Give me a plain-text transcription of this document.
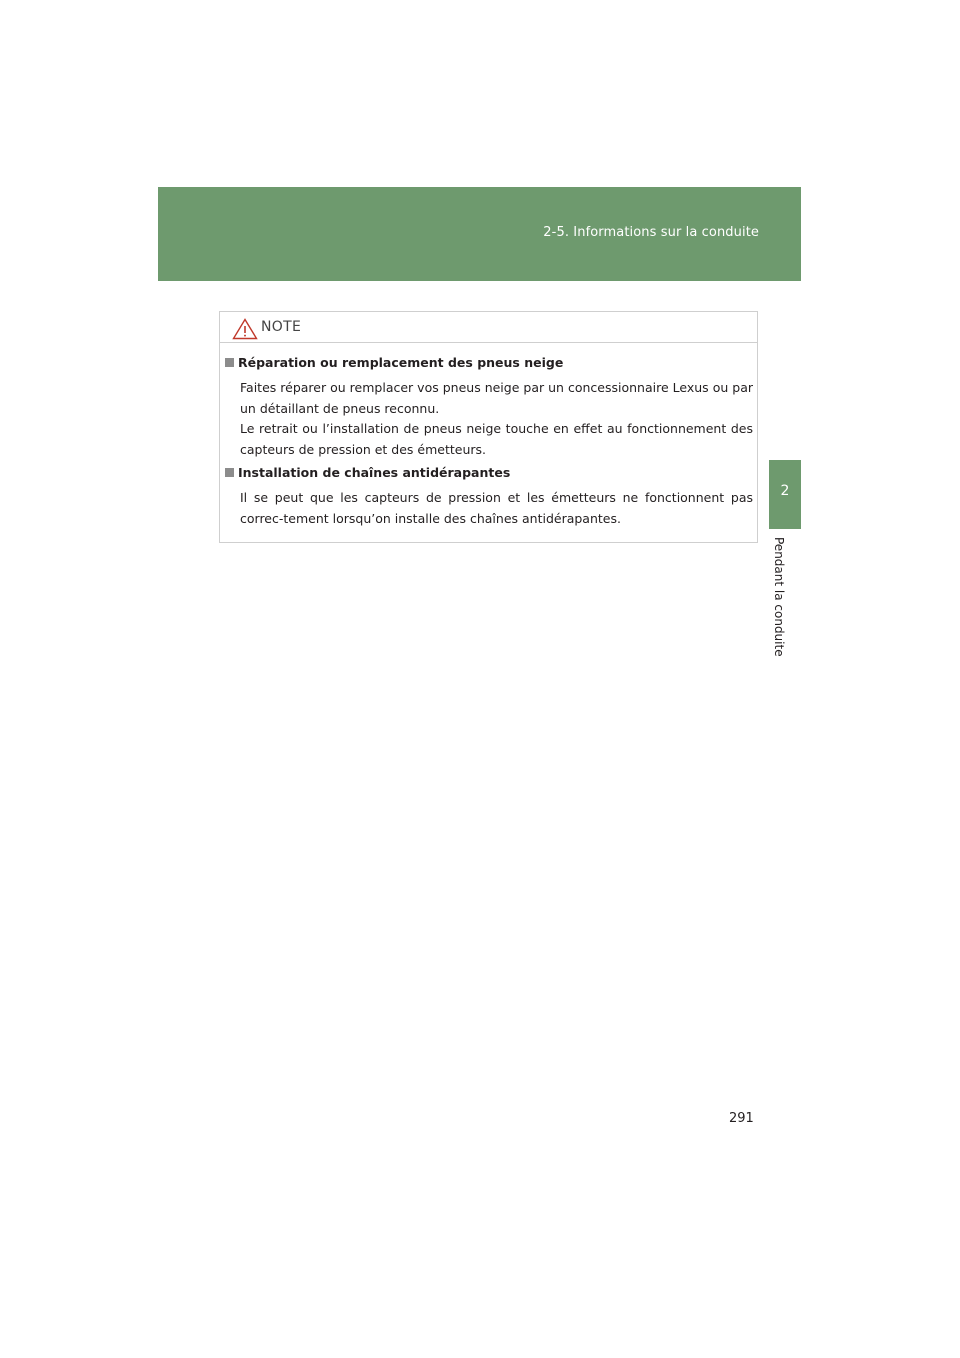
2-5. Informations sur la conduite
2
Pendant la conduite
NOTE
Réparation ou remplacement des pneus neige

Faites réparer ou remplacer vos pneus neige par un concessionnaire Lexus ou par un détaillant de pneus reconnu.

Le retrait ou l’installation de pneus neige touche en effet au fonctionnement des capteurs de pression et des émetteurs.

Installation de chaînes antidérapantes

Il se peut que les capteurs de pression et les émetteurs ne fonctionnent pas correc-tement lorsqu’on installe des chaînes antidérapantes.

291
